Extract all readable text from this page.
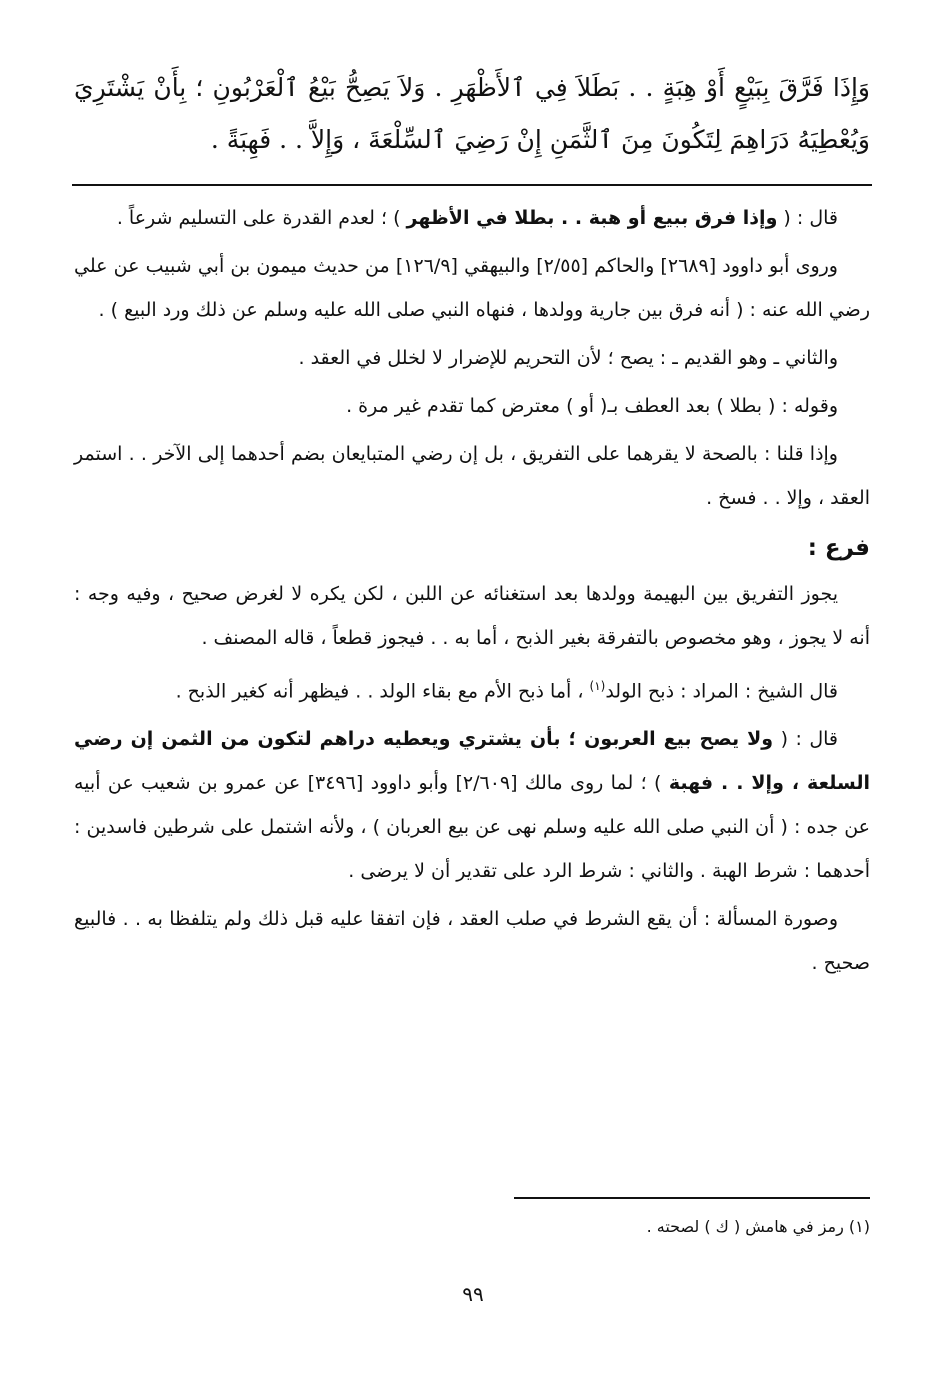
وَإِذَا فَرَّقَ بِبَيْعٍ أَوْ هِبَةٍ . . بَطَلاَ فِي ٱلأَظْهَرِ . وَلاَ يَصِحُّ بَيْعُ ٱلْعَرْبُونِ ؛ بِأَنْ يَشْتَرِيَ وَيُعْطِيَهُ دَرَاهِمَ لِتَكُونَ مِنَ ٱلثَّمَنِ إِنْ رَضِيَ ٱلسِّلْعَةَ ، وَإِلاَّ . . فَهِبَةً .

قال : ( وإذا فرق ببيع أو هبة . . بطلا في الأظهر ) ؛ لعدم القدرة على التسليم شرعاً .

وروى أبو داوود [٢٦٨٩] والحاكم [٢/٥٥] والبيهقي [١٢٦/٩] من حديث ميمون بن أبي شبيب عن علي رضي الله عنه : ( أنه فرق بين جارية وولدها ، فنهاه النبي صلى الله عليه وسلم عن ذلك ورد البيع ) .

والثاني ـ وهو القديم ـ : يصح ؛ لأن التحريم للإضرار لا لخلل في العقد .

وقوله : ( بطلا ) بعد العطف بـ( أو ) معترض كما تقدم غير مرة .

وإذا قلنا : بالصحة لا يقرهما على التفريق ، بل إن رضي المتبايعان بضم أحدهما إلى الآخر . . استمر العقد ، وإلا . . فسخ .

فرع :

يجوز التفريق بين البهيمة وولدها بعد استغنائه عن اللبن ، لكن يكره لا لغرض صحيح ، وفيه وجه : أنه لا يجوز ، وهو مخصوص بالتفرقة بغير الذبح ، أما به . . فيجوز قطعاً ، قاله المصنف .

قال الشيخ : المراد : ذبح الولد$^{(١)}$ ، أما ذبح الأم مع بقاء الولد . . فيظهر أنه كغير الذبح .

قال : ( ولا يصح بيع العربون ؛ بأن يشتري ويعطيه دراهم لتكون من الثمن إن رضي السلعة ، وإلا . . فهبة ) ؛ لما روى مالك [٢/٦٠٩] وأبو داوود [٣٤٩٦] عن عمرو بن شعيب عن أبيه عن جده : ( أن النبي صلى الله عليه وسلم نهى عن بيع العربان ) ، ولأنه اشتمل على شرطين فاسدين : أحدهما : شرط الهبة . والثاني : شرط الرد على تقدير أن لا يرضى .

وصورة المسألة : أن يقع الشرط في صلب العقد ، فإن اتفقا عليه قبل ذلك ولم يتلفظا به . . فالبيع صحيح .

(١) رمز في هامش ( ك ) لصحته .
٩٩
